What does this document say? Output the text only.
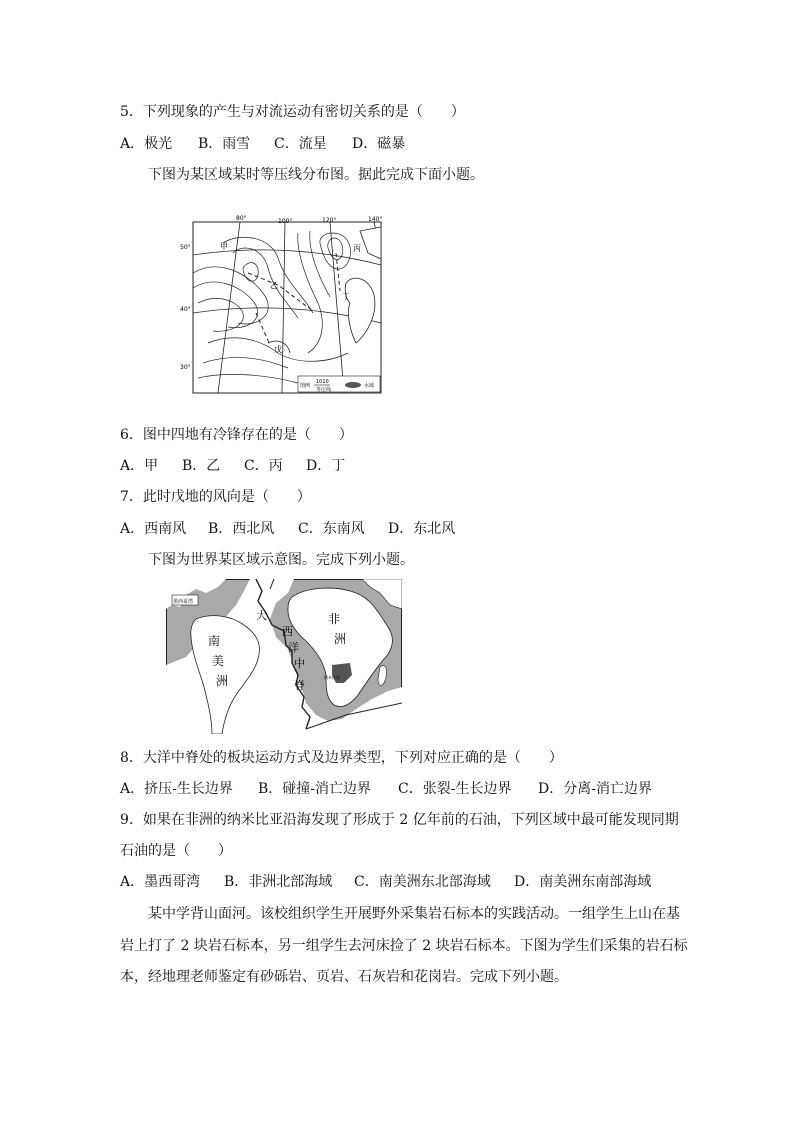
5．下列现象的产生与对流运动有密切关系的是（　　）
A．极光 B．雨雪 C．流星 D．磁暴
下图为某区域某时等压线分布图。据此完成下面小题。
80°	100°	120°	140°
50°
40°
30°
甲
乙
丙
丁
戊
图例
1010
等压线
水域
6．图中四地有冷锋存在的是（　　）
A．甲 B．乙 C．丙 D．丁
7．此时戊地的风向是（　　）
A．西南风 B．西北风 C．东南风 D．东北风
下图为世界某区域示意图。完成下列小题。
墨西哥湾
南
美
洲
非
洲
大
西
洋
中
脊
纳米比亚
8．大洋中脊处的板块运动方式及边界类型，下列对应正确的是（　　）
A．挤压-生长边界 B．碰撞-消亡边界 C．张裂-生长边界 D．分离-消亡边界
9．如果在非洲的纳米比亚沿海发现了形成于 2 亿年前的石油，下列区域中最可能发现同期
石油的是（　　）
A．墨西哥湾 B．非洲北部海域 C．南美洲东北部海域 D．南美洲东南部海域
某中学背山面河。该校组织学生开展野外采集岩石标本的实践活动。一组学生上山在基
岩上打了 2 块岩石标本，另一组学生去河床捡了 2 块岩石标本。下图为学生们采集的岩石标
本，经地理老师鉴定有砂砾岩、页岩、石灰岩和花岗岩。完成下列小题。
